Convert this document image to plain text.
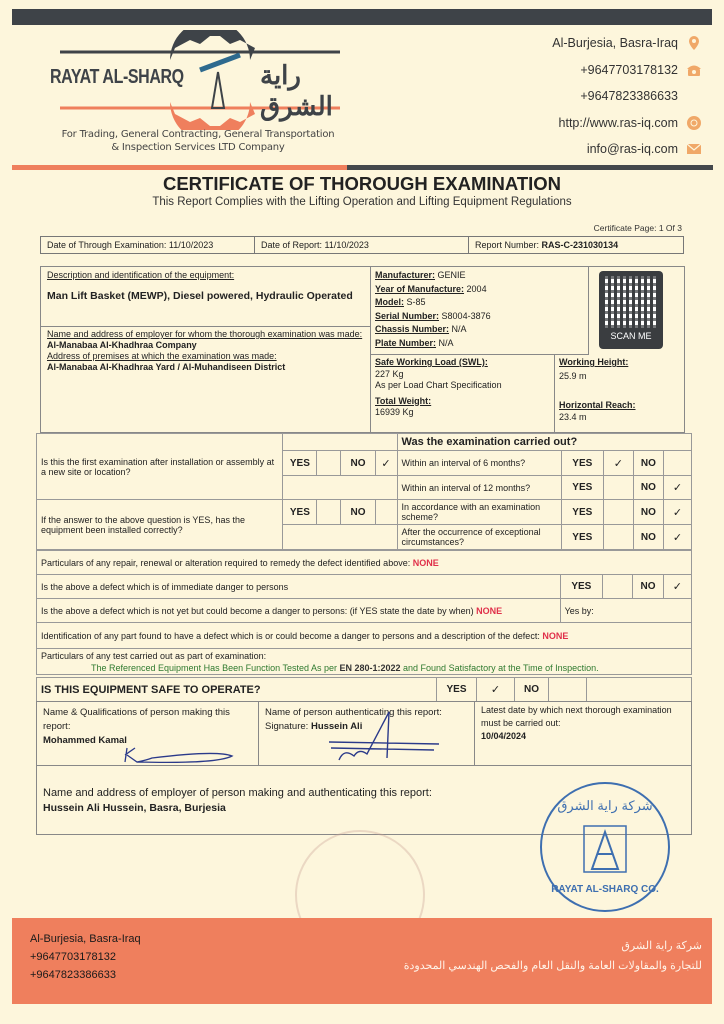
RAYAT AL-SHARQ	راية الشرق
For Trading, General Contracting, General Transportation
& Inspection Services LTD Company
Al-Burjesia, Basra-Iraq
+9647703178132
+9647823386633
http://www.ras-iq.com
info@ras-iq.com
CERTIFICATE OF THOROUGH EXAMINATION
This Report Complies with the Lifting Operation and Lifting Equipment Regulations
Certificate Page: 1 Of 3
Date of Through Examination: 11/10/2023	Date of Report: 11/10/2023	Report Number: RAS-C-231030134
Description and identification of the equipment:
Man Lift Basket (MEWP), Diesel powered, Hydraulic Operated
Name and address of employer for whom the thorough examination was made:
Al-Manabaa Al-Khadhraa Company
Address of premises at which the examination was made:
Al-Manabaa Al-Khadhraa Yard / Al-Muhandiseen District
Manufacturer: GENIE
Year of Manufacture: 2004
Model: S-85
Serial Number: S8004-3876
Chassis Number: N/A
Plate Number: N/A
SCAN ME
Safe Working Load (SWL):
227 Kg
As per Load Chart Specification
Total Weight:
16939 Kg
Working Height:
25.9 m
Horizontal Reach:
23.4 m
Is this the first examination after installation or assembly at a new site or location?					Was the examination carried out?				
	YES		NO	✓	Within an interval of 6 months?	YES	✓	NO	
					Within an interval of 12 months?	YES		NO	✓
If the answer to the above question is YES, has the equipment been installed correctly?	YES		NO		In accordance with an examination scheme?	YES		NO	✓
					After the occurrence of exceptional circumstances?	YES		NO	✓
Particulars of any repair, renewal or alteration required to remedy the defect identified above: NONE				
Is the above a defect which is of immediate danger to persons	YES		NO	✓
Is the above a defect which is not yet but could become a danger to persons: (if YES state the date by when) NONE	Yes by:			
Identification of any part found to have a defect which is or could become a danger to persons and a description of the defect: NONE				

Particulars of any test carried out as part of examination:
The Referenced Equipment Has Been Function Tested As per EN 280-1:2022 and Found Satisfactory at the Time of Inspection.				
IS THIS EQUIPMENT SAFE TO OPERATE?	YES	✓	NO		
Name & Qualifications of person making this report:
Mohammed Kamal
Name of person authenticating this report:
Signature: Hussein Ali
Latest date by which next thorough examination must be carried out:
10/04/2024
Name and address of employer of person making and authenticating this report:
Hussein Ali Hussein, Basra, Burjesia	شركة راية الشرق
RAYAT AL-SHARQ CO.
Al-Burjesia, Basra-Iraq
+9647703178132
+9647823386633
شركة راية الشرق
للتجارة والمقاولات العامة والنقل العام والفحص الهندسي المحدودة
